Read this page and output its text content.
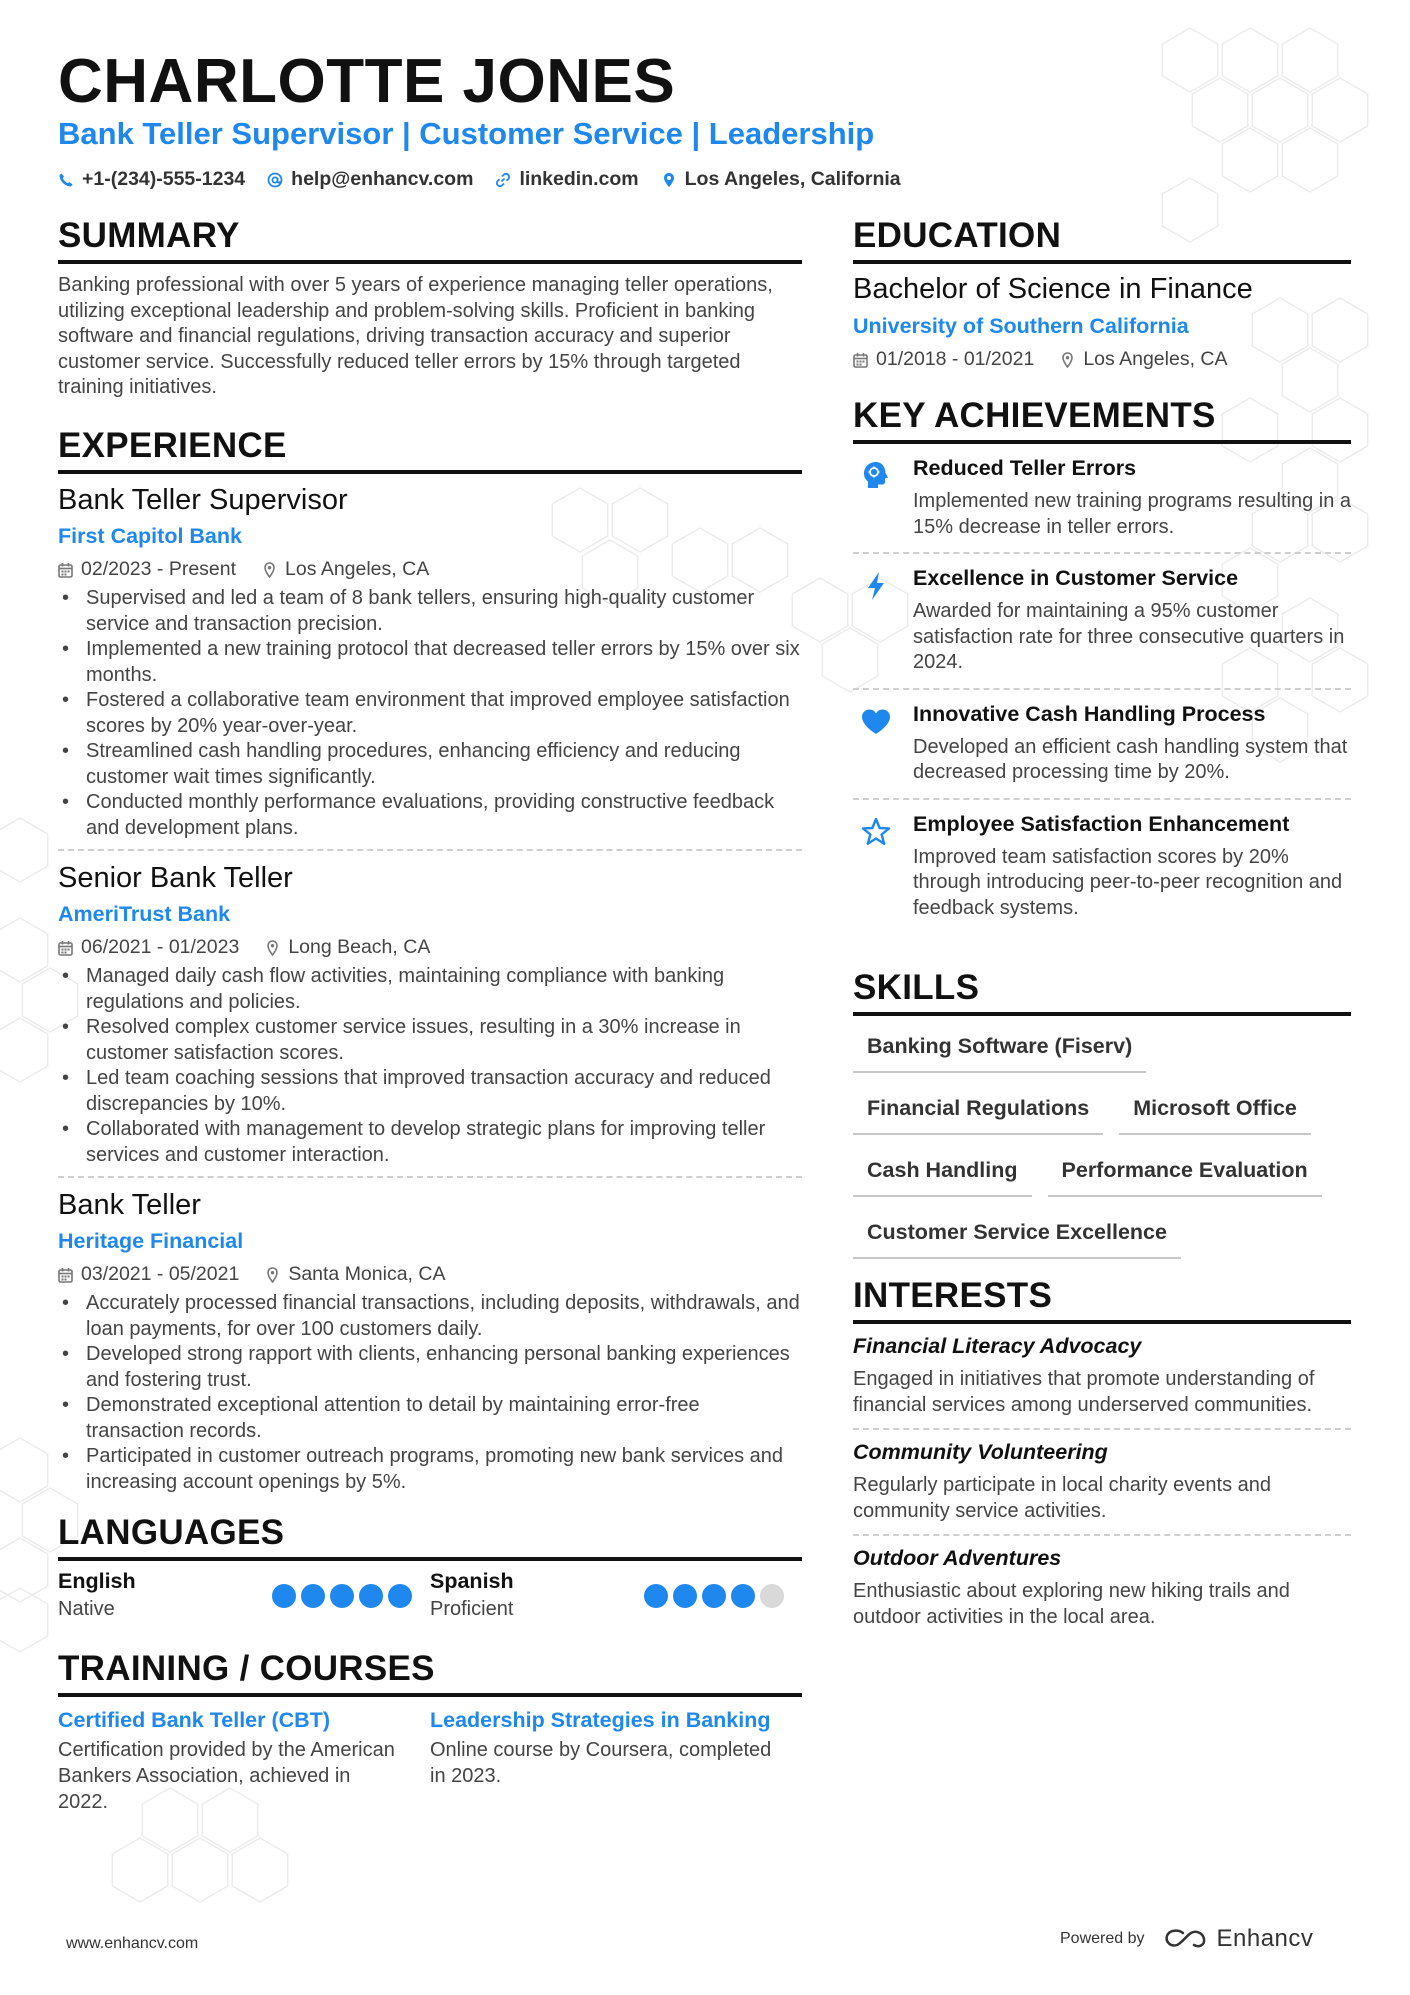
CHARLOTTE JONES
Bank Teller Supervisor | Customer Service | Leadership
+1-(234)-555-1234 help@enhancv.com linkedin.com Los Angeles, California
SUMMARY
Banking professional with over 5 years of experience managing teller operations, utilizing exceptional leadership and problem-solving skills. Proficient in banking software and financial regulations, driving transaction accuracy and superior customer service. Successfully reduced teller errors by 15% through targeted training initiatives.
EXPERIENCE
Bank Teller Supervisor
First Capitol Bank
02/2023 - Present	Los Angeles, CA
• Supervised and led a team of 8 bank tellers, ensuring high-quality customer service and transaction precision.
• Implemented a new training protocol that decreased teller errors by 15% over six months.
• Fostered a collaborative team environment that improved employee satisfaction scores by 20% year-over-year.
• Streamlined cash handling procedures, enhancing efficiency and reducing customer wait times significantly.
• Conducted monthly performance evaluations, providing constructive feedback and development plans.
Senior Bank Teller
AmeriTrust Bank
06/2021 - 01/2023	Long Beach, CA
• Managed daily cash flow activities, maintaining compliance with banking regulations and policies.
• Resolved complex customer service issues, resulting in a 30% increase in customer satisfaction scores.
• Led team coaching sessions that improved transaction accuracy and reduced discrepancies by 10%.
• Collaborated with management to develop strategic plans for improving teller services and customer interaction.
Bank Teller
Heritage Financial
03/2021 - 05/2021	Santa Monica, CA
• Accurately processed financial transactions, including deposits, withdrawals, and loan payments, for over 100 customers daily.
• Developed strong rapport with clients, enhancing personal banking experiences and fostering trust.
• Demonstrated exceptional attention to detail by maintaining error-free transaction records.
• Participated in customer outreach programs, promoting new bank services and increasing account openings by 5%.
LANGUAGES
English
Native
Spanish
Proficient
TRAINING / COURSES
Certified Bank Teller (CBT)
Certification provided by the American Bankers Association, achieved in 2022.
Leadership Strategies in Banking
Online course by Coursera, completed in 2023.
EDUCATION
Bachelor of Science in Finance
University of Southern California
01/2018 - 01/2021	Los Angeles, CA
KEY ACHIEVEMENTS
Reduced Teller Errors
Implemented new training programs resulting in a 15% decrease in teller errors.
Excellence in Customer Service
Awarded for maintaining a 95% customer satisfaction rate for three consecutive quarters in 2024.
Innovative Cash Handling Process
Developed an efficient cash handling system that decreased processing time by 20%.
Employee Satisfaction Enhancement
Improved team satisfaction scores by 20% through introducing peer-to-peer recognition and feedback systems.
SKILLS
Banking Software (Fiserv)
Financial Regulations	Microsoft Office
Cash Handling	Performance Evaluation
Customer Service Excellence
INTERESTS
Financial Literacy Advocacy
Engaged in initiatives that promote understanding of financial services among underserved communities.
Community Volunteering
Regularly participate in local charity events and community service activities.
Outdoor Adventures
Enthusiastic about exploring new hiking trails and outdoor activities in the local area.
www.enhancv.com	Powered by	Enhancv
